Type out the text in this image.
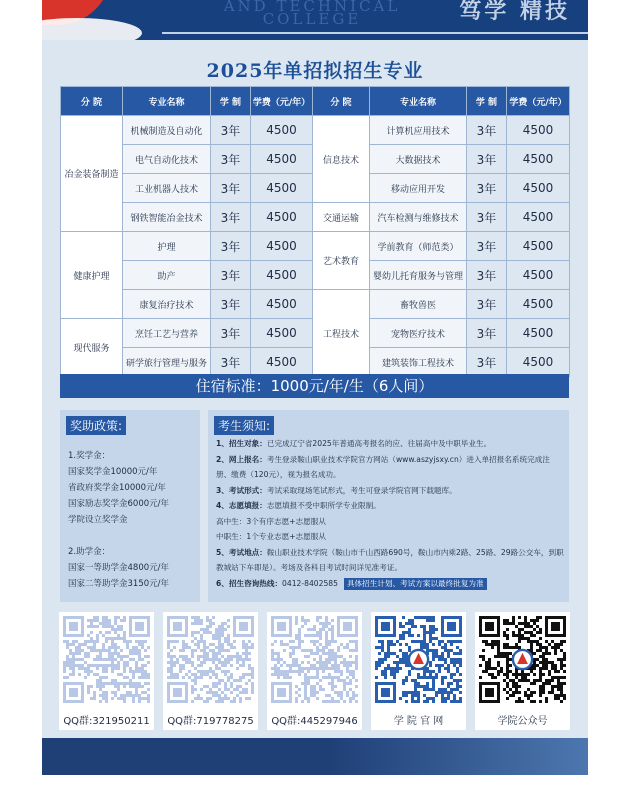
AND TECHNICAL
COLLEGE	笃学 精技
2025年单招拟招生专业
分 院	专业名称	学 制	学费（元/年）	分 院	专业名称	学 制	学费（元/年）
冶金装备制造	机械制造及自动化	3年	4500	信息技术	计算机应用技术	3年	4500
	电气自动化技术	3年	4500		大数据技术	3年	4500
	工业机器人技术	3年	4500		移动应用开发	3年	4500
	钢铁智能冶金技术	3年	4500	交通运输	汽车检测与维修技术	3年	4500
健康护理	护理	3年	4500	艺术教育	学前教育（师范类）	3年	4500
	助产	3年	4500		婴幼儿托育服务与管理	3年	4500
	康复治疗技术	3年	4500	工程技术	畜牧兽医	3年	4500
现代服务	烹饪工艺与营养	3年	4500		宠物医疗技术	3年	4500
	研学旅行管理与服务	3年	4500		建筑装饰工程技术	3年	4500
住宿标准：1000元/年/生（6人间）
奖助政策:
1.奖学金：
国家奖学金10000元/年
省政府奖学金10000元/年
国家励志奖学金6000元/年
学院设立奖学金
2.助学金：
国家一等助学金4800元/年
国家二等助学金3150元/年
考生须知:
1、招生对象：已完成辽宁省2025年普通高考报名的应、往届高中及中职毕业生。
2、网上报名：考生登录鞍山职业技术学院官方网站（www.aszyjsxy.cn）进入单招报名系统完成注册、缴费（120元），视为报名成功。
3、考试形式：考试采取现场笔试形式，考生可登录学院官网下载题库。
4、志愿填报：志愿填报不受中职所学专业限制。
高中生：3个有序志愿+志愿服从
中职生：1个专业志愿+志愿服从
5、考试地点：鞍山职业技术学院（鞍山市千山西路690号，鞍山市内乘2路、25路、29路公交车，到职教城站下车即是）。考场及各科目考试时间详见准考证。
6、招生咨询热线：0412-8402585 具体招生计划、考试方案以最终批复为准
QQ群:321950211	QQ群:719778275	QQ群:445297946	学 院 官 网	学院公众号
